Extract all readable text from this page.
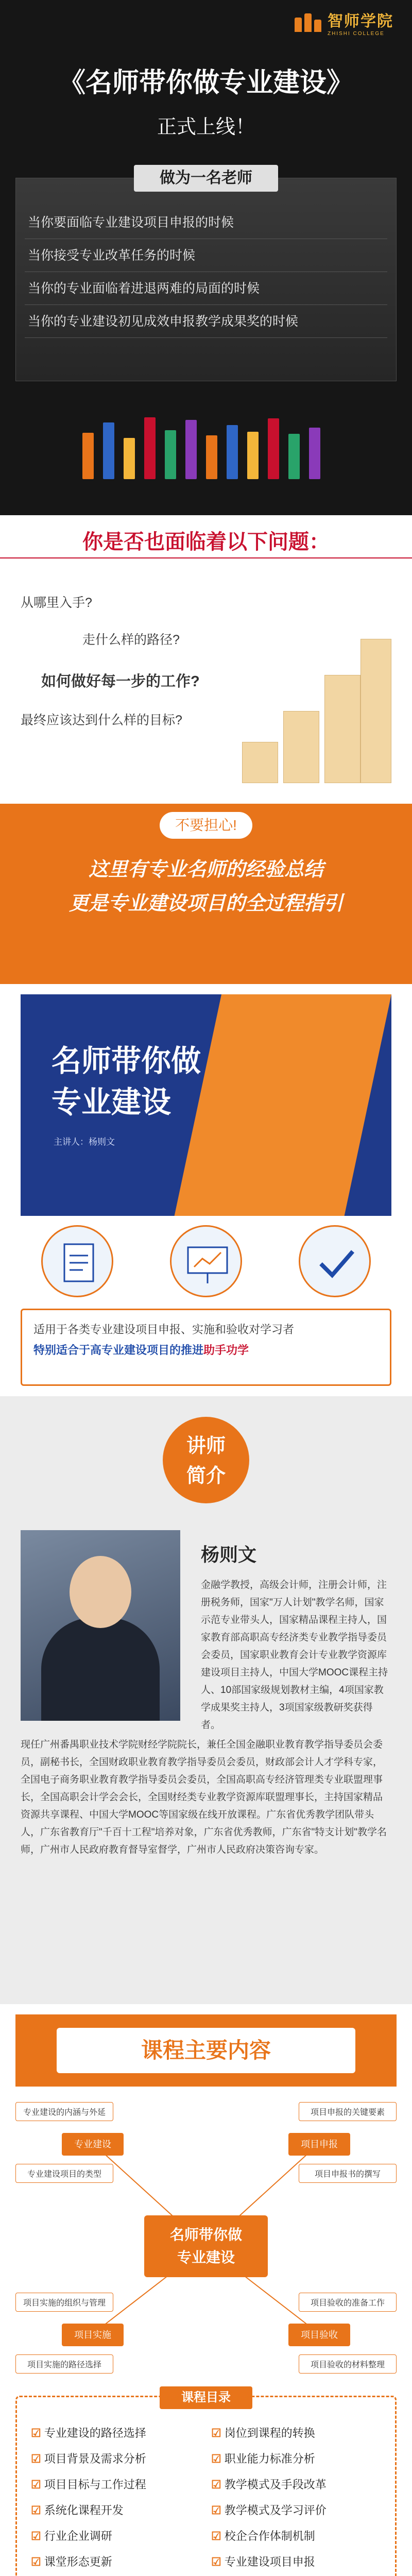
智师学院
ZHISHI COLLEGE
《名师带你做专业建设》
正式上线！
做为一名老师
当你要面临专业建设项目申报的时候
当你接受专业改革任务的时候
当你的专业面临着进退两难的局面的时候
当你的专业建设初见成效申报教学成果奖的时候
你是否也面临着以下问题：
从哪里入手?
走什么样的路径?
如何做好每一步的工作?
最终应该达到什么样的目标?
不要担心!
这里有专业名师的经验总结
更是专业建设项目的全过程指引
名师带你做
专业建设
主讲人：杨则文
适用于各类专业建设项目申报、实施和验收对学习者
特别适合于高专业建设项目的推进助手功学
讲师
简介
杨则文
金融学教授，高级会计师，注册会计师，注册税务师，国家"万人计划"教学名师，国家示范专业带头人，国家精品课程主持人，国家教育部高职高专经济类专业教学指导委员会委员，国家职业教育会计专业教学资源库建设项目主持人，中国大学MOOC课程主持人、10部国家级规划教材主编，4项国家教学成果奖主持人，3项国家级教研奖获得者。
现任广州番禺职业技术学院财经学院院长，兼任全国金融职业教育教学指导委员会委员，副秘书长，全国财政职业教育教学指导委员会委员，财政部会计人才学科专家，全国电子商务职业教育教学指导委员会委员，全国高职高专经济管理类专业联盟理事长，全国高职会计学会会长，全国财经类专业教学资源库联盟理事长，主持国家精品资源共享课程、中国大学MOOC等国家级在线开放课程。广东省优秀教学团队带头人，广东省教育厅"千百十工程"培养对象，广东省优秀教师，广东省"特支计划"教学名师，广州市人民政府教育督导室督学，广州市人民政府决策咨询专家。
课程主要内容
专业建设	项目申报
项目实施	项目验收
专业建设的内涵与外延
专业建设项目的类型
项目申报的关键要素
项目申报书的撰写
项目实施的组织与管理
项目实施的路径选择
项目验收的准备工作
项目验收的材料整理
名师带你做
专业建设
课程目录
☑ 专业建设的路径选择	☑ 岗位到课程的转换
☑ 项目背景及需求分析	☑ 职业能力标准分析
☑ 项目目标与工作过程	☑ 教学模式及手段改革
☑ 系统化课程开发	☑ 教学模式及学习评价
☑ 行业企业调研	☑ 校企合作体制机制
☑ 课堂形态更新	☑ 专业建设项目申报
